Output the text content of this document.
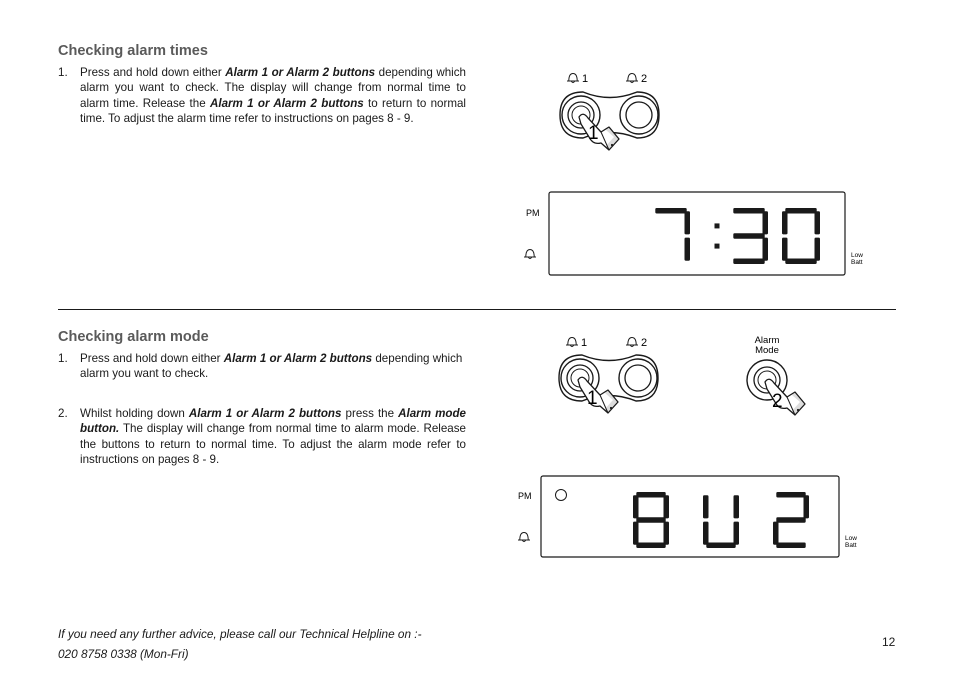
Checking alarm times
1. Press and hold down either Alarm 1 or Alarm 2 buttons depending which alarm you want to check. The display will change from normal time to alarm time. Release the Alarm 1 or Alarm 2 buttons to return to normal time. To adjust the alarm time refer to instructions on pages 8 - 9.
1	2
1
PM
Low
Batt
Checking alarm mode
1. Press and hold down either Alarm 1 or Alarm 2 buttons depending which alarm you want to check.
2. Whilst holding down Alarm 1 or Alarm 2 buttons press the Alarm mode button. The display will change from normal time to alarm mode. Release the buttons to return to normal time. To adjust the alarm mode refer to instructions on pages 8 - 9.
1	2
1
Alarm
Mode
2
PM
Low
Batt
If you need any further advice, please call our Technical Helpline on :-
020 8758 0338 (Mon-Fri)
12
